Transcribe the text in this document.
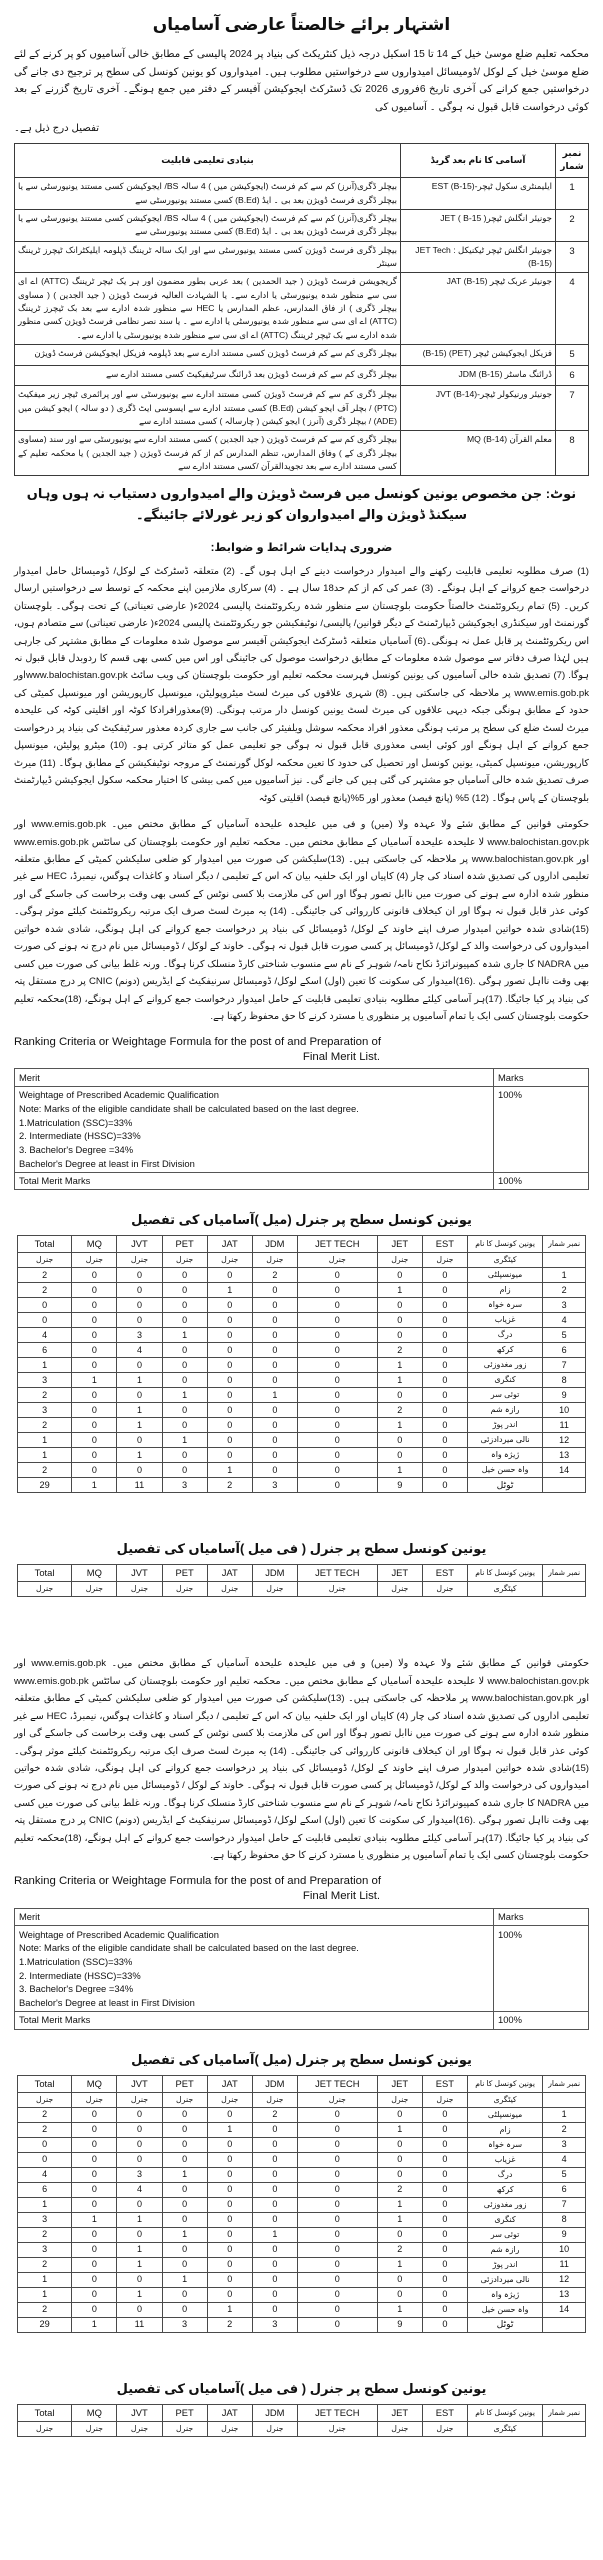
اشتہار برائے خالصتاً عارضی آسامیاں

محکمہ تعلیم ضلع موسیٰ خیل کے 14 تا 15 اسکیل درجہ ذیل کنٹریکٹ کی بنیاد پر 2024 پالیسی کے مطابق خالی آسامیوں کو پر کرنے کے لئے ضلع موسیٰ خیل کے لوکل /ڈومیسائل امیدواروں سے درخواستیں مطلوب ہیں۔ امیدواروں کو یونین کونسل کی سطح پر ترجیح دی جانے گی درخواستیں جمع کرانے کی آخری تاریخ 6فروری 2026 تک ڈسٹرکٹ ایجوکیشن آفیسر کے دفتر میں جمع ہونگے۔ آخری تاریخ گزرنے کے بعد کوئی درخواست قابل قبول نہ ہوگی ۔ آسامیوں کی

تفصیل درج ذیل ہے۔

نمبر شمار	آسامی کا نام بعد گریڈ	بنیادی تعلیمی قابلیت
1	ایلیمنٹری سکول ٹیچر-EST (B-15)	بیچلر ڈگری(آنرز) کم سے کم فرسٹ (ایجوکیشن میں ) 4 سالہ BS/ ایجوکیشن کسی مستند یونیورسٹی سے یا بیچلر ڈگری فرسٹ ڈویژن بعد بی ۔ ایڈ (B.Ed) کسی مستند یونیورسٹی سے
2	جونیئر انگلش ٹیچر( B-15 ) JET	بیچلر ڈگری(آنرز) کم سے کم فرسٹ (ایجوکیشن میں ) 4 سالہ BS/ ایجوکیشن کسی مستند یونیورسٹی سے یا بیچلر ڈگری فرسٹ ڈویژن بعد بی ۔ ایڈ (B.Ed) کسی مستند یونیورسٹی سے
3	جونیئر انگلش ٹیچر ٹیکنیکل JET Tech : (B-15)	بیچلر ڈگری فرسٹ ڈویژن کسی مستند یونیورسٹی سے اور ایک سالہ ٹریننگ ڈپلومہ ایلیکٹرانک ٹیچرز ٹریننگ سینٹر
4	جونیئر عربک ٹیچر (B-15) JAT	گریجویشن فرسٹ ڈویژن ( جید الحمدین ) بعد عربی بطور مضمون اور ہر یک ٹیچر ٹریننگ (ATTC) اے ای سی سے منظور شدہ یونیورسٹی یا ادارے سے۔ یا الشہادت العالیہ فرسٹ ڈویژن ( جید الجدین ) ( مساوی بیچلر ڈگری ) از فاق المدارس، عظم المدارس یا HEC سے منظور شدہ ادارے سے بعد بک ٹیچرز ٹریننگ (ATTC) اے ای سی سے منظور شدہ یونیورسٹی یا ادارے سے ۔ یا سند نصر نظامی فرسٹ ڈویژن کسی منظور شدہ ادارے سے بک ٹیچر ٹریننگ (ATTC) اے ای سی سے منظور شدہ یونیورسٹی یا ادارے سے۔
5	فزیکل ایجوکیشن ٹیچر (PET) (B-15)	بیچلر ڈگری کم سے کم فرسٹ ڈویژن کسی مستند ادارے سے بعد ڈپلومہ فزیکل ایجوکیشن فرسٹ ڈویژن
6	ڈرائنگ ماسٹر (B-15) JDM	بیچلر ڈگری کم سے کم فرسٹ ڈویژن بعد ڈرائنگ سرٹیفیکیٹ کسی مستند ادارے سے
7	جونیئر ورنیکولر ٹیچر-JVT (B-14)	بیچلر ڈگری کم سے کم فرسٹ ڈویژن کسی مستند ادارے سے یونیورسٹی سے اور پرائمری ٹیچر زیر میفکیٹ (PTC) / بچلر آف ایجو کیشن (B.Ed) کسی مستند ادارے سے ایسوسی ایٹ ڈگری ( دو سالہ ) ایجو کیشن میں (ADE) / بیچلر ڈگری (آنرز ) ایجو کیشن ( چارسالہ ) کسی مستند ادارے سے
8	معلم القرآن (B-14) MQ	بیچلر ڈگری کم سے کم فرسٹ ڈویژن ( جید الجدین ) کسی مستند ادارے سے یونیورسٹی سے اور سند (مساوی بیچلر ڈگری کے ) وفاق المدارس، تنظم المدارس کم از کم فرسٹ ڈویژن ( جید الجدین ) یا محکمہ تعلیم کے کسی مستند ادارے سے بعد تجویدالقرآن /کسی مستند ادارے سے
نوٹ: جن مخصوص یونین کونسل میں فرسٹ ڈویژن والے امیدواروں دستیاب نہ ہوں وہاں سیکنڈ ڈویژن والے امیدواروان کو زیر غورلائے جائینگے۔
ضروری ہدایات شرائط و ضوابط:

(1) صرف مطلوبہ تعلیمی قابلیت رکھنے والے امیدوار درخواست دینے کے اہل ہوں گے۔ (2) متعلقہ ڈسٹرکٹ کے لوکل/ ڈومیسائل حامل امیدوار درخواست جمع کروانے کے اہل ہونگے۔ (3) عمر کی کم از کم حد18 سال ہے ۔ (4) سرکاری ملازمین اپنے محکمہ کے توسط سے درخواستیں ارسال کریں۔ (5) تمام ریکروئٹمنٹ خالصتاً حکومت بلوچستان سے منظور شدہ ریکروئٹمنٹ پالیسی 2024ء( عارضی تعیناتی) کے تحت ہوگی۔ بلوچستان گورنمنٹ اور سیکنڈری ایجوکیشن ڈیپارٹمنٹ کے دیگر قوانین/ پالیسی/ نوٹیفکیشن جو ریکروئٹمنٹ پالیسی 2024ء( عارضی تعیناتی) سے متصادم ہوں، اس ریکروئٹمنٹ پر قابل عمل نہ ہونگی۔(6) آسامیاں متعلقہ ڈسٹرکٹ ایجوکیشن آفیسر سے موصول شدہ معلومات کے مطابق مشتہر کی جارہی ہیں لہٰذا صرف دفاتر سے موصول شدہ معلومات کے مطابق درخواست موصول کی جائینگی اور اس میں کسی بھی قسم کا ردوبدل قابل قبول نہ ہوگا. (7) تصدیق شدہ خالی آسامیوں کی یونین کونسل فہرست محکمہ تعلیم اور حکومت بلوچستان کی ویب سائٹ www.balochistan.gov.pkاور www.emis.gob.pk پر ملاحظہ کی جاسکتی ہیں۔ (8) شہری علاقوں کی میرٹ لسٹ میٹروپولیٹن، میونسپل کارپوریشن اور میونسپل کمیٹی کی حدود کے مطابق ہونگی جبکہ دیہی علاقوں کی میرٹ لسٹ یونین کونسل دار مرتب ہونگی. (9)معذورافرادکا کوٹہ اور اقلیتی کوٹہ کی علیحدہ میرٹ لسٹ ضلع کی سطح پر مرتب ہونگی معذور افراد محکمہ سوشل ویلفیئر کی جانب سے جاری کردہ معذور سرٹیفکیٹ کی بنیاد پر درخواست جمع کروانے کے اہل ہونگے اور کوئی ایسی معذوری قابل قبول نہ ہوگی جو تعلیمی عمل کو متاثر کرتی ہو۔ (10) میٹرو پولیٹن، میونسپل کارپوریشن، میونسپل کمیٹی، یونین کونسل اور تحصیل کی حدود کا تعین محکمہ لوکل گورنمنٹ کے مروجہ نوٹیفکیشن کے مطابق ہوگا۔ (11) میرٹ صرف تصدیق شدہ خالی آسامیاں جو مشتہر کی گئی ہیں کی جانے گی۔ نیز آسامیوں میں کمی بیشی کا اختیار محکمہ سکول ایجوکیشن ڈیپارٹمنٹ بلوچستان کے پاس ہوگا۔ (12) 5% (پانچ فیصد) معذور اور 5%(پانچ فیصد) اقلیتی کوٹہ

حکومتی قوانین کے مطابق شئے ولا عہدہ ولا (میں) و فی میں علیحدہ علیحدہ آسامیاں کے مطابق مختص میں۔ www.emis.gob.pk اور www.balochistan.gov.pk لا علیحدہ علیحدہ آسامیاں کے مطابق مختص میں۔ محکمہ تعلیم اور حکومت بلوچستان کی سائٹس www.emis.gob.pk اور www.balochistan.gov.pk پر ملاحظہ کی جاسکتی ہیں۔ (13)سلیکشن کی صورت میں امیدوار کو ضلعی سلیکشن کمیٹی کے مطابق متعلقہ تعلیمی اداروں کی تصدیق شدہ اسناد کی چار (4) کاپیاں اور ایک حلفیہ بیان کہ اس کے تعلیمی / دیگر اسناد و کاغذات ہوگس، نیمبرڈ، HEC سے غیر منظور شدہ ادارہ سے ہونے کی صورت میں ناابل تصور ہوگا اور اس کی ملازمت بلا کسی نوٹس کے کسی بھی وقت برخاست کی جاسکے گی اور کوئی عذر قابل قبول نہ ہوگا اور ان کیخلاف قانونی کارروائی کی جائینگی۔ (14) یہ میرٹ لسٹ صرف ایک مرتبہ ریکروئٹمنٹ کیلئے موثر ہوگی۔ (15)شادی شدہ خواتین امیدوار صرف اپنے خاوند کے لوکل/ ڈومیسائل کی بنیاد پر درخواست جمع کروانے کی اہل ہونگی، شادی شدہ خواتین امیدواروں کی درخواست والد کے لوکل/ ڈومیسائل پر کسی صورت قابل قبول نہ ہوگی۔ خاوند کے لوکل / ڈومیسائل میں نام درج نہ ہونے کی صورت میں NADRA کا جاری شدہ کمپیونرائزڈ نکاح نامہ/ شوہر کے نام سے منسوب شناختی کارڈ منسلک کرنا ہوگا۔ ورنہ غلط بیانی کی صورت میں کسی بھی وقت نااہل تصور ہوگی .(16)امیدوار کی سکونت کا تعین (اول) اسکے لوکل/ ڈومیسائل سرنیفکیٹ کے ایڈریس (دونم) CNIC پر درج مستقل پتہ کی بنیاد پر کیا جائیگا. (17)ہر آسامی کیلئے مطلوبہ بنیادی تعلیمی قابلیت کے حامل امیدوار درخواست جمع کروانے کے اہل ہونگے، (18)محکمہ تعلیم حکومت بلوچستان کسی ایک یا تمام آسامیوں پر منظوری یا مسترد کرنے کا حق محفوظ رکھتا ہے.

Ranking Criteria or Weightage Formula for the post of and Preparation of
Final Merit List.
Merit	Marks

Weightage of Prescribed Academic Qualification
Note: Marks of the eligible candidate shall be calculated based on the last degree.
1.Matriculation (SSC)=33%
2. Intermediate (HSSC)=33%
3. Bachelor's Degree =34%
Bachelor's Degree at least in First Division
	100%
Total Merit Marks	100%
یونین کونسل سطح پر جنرل (میل )آسامیاں کی تفصیل
Total	MQ	JVT	PET	JAT	JDM	JET TECH	JET	EST	یونین کونسل کا نام	نمبر شمار
جنرل	جنرل	جنرل	جنرل	جنرل	جنرل	جنرل	جنرل	جنرل	کیٹگری	
2	0	0	0	0	2	0	0	0	میونسپلٹی	1
2	0	0	0	1	0	0	1	0	زام	2
0	0	0	0	0	0	0	0	0	سرہ خواہ	3
0	0	0	0	0	0	0	0	0	غزیاب	4
4	0	3	1	0	0	0	0	0	درگ	5
6	0	4	0	0	0	0	2	0	کرکھ	6
1	0	0	0	0	0	0	1	0	زور مغدوزئی	7
3	1	1	0	0	0	0	1	0	کنگری	8
2	0	0	1	0	1	0	0	0	توئی سر	9
3	0	1	0	0	0	0	2	0	رازہ شم	10
2	0	1	0	0	0	0	1	0	اندر پوڑ	11
1	0	0	1	0	0	0	0	0	نالی میردادزئی	12
1	0	1	0	0	0	0	0	0	ژیژہ واہ	13
2	0	0	0	1	0	0	1	0	واہ حسن خیل	14
29	1	11	3	2	3	0	9	0	ٹوٹل	
یونین کونسل سطح پر جنرل ( فی میل )آسامیاں کی تفصیل
Total	MQ	JVT	PET	JAT	JDM	JET TECH	JET	EST	یونین کونسل کا نام	نمبر شمار
جنرل	جنرل	جنرل	جنرل	جنرل	جنرل	جنرل	جنرل	جنرل	کیٹگری	

حکومتی قوانین کے مطابق شئے ولا عہدہ ولا (میں) و فی میں علیحدہ علیحدہ آسامیاں کے مطابق مختص میں۔ www.emis.gob.pk اور www.balochistan.gov.pk لا علیحدہ علیحدہ آسامیاں کے مطابق مختص میں۔ محکمہ تعلیم اور حکومت بلوچستان کی سائٹس www.emis.gob.pk اور www.balochistan.gov.pk پر ملاحظہ کی جاسکتی ہیں۔ (13)سلیکشن کی صورت میں امیدوار کو ضلعی سلیکشن کمیٹی کے مطابق متعلقہ تعلیمی اداروں کی تصدیق شدہ اسناد کی چار (4) کاپیاں اور ایک حلفیہ بیان کہ اس کے تعلیمی / دیگر اسناد و کاغذات ہوگس، نیمبرڈ، HEC سے غیر منظور شدہ ادارہ سے ہونے کی صورت میں ناابل تصور ہوگا اور اس کی ملازمت بلا کسی نوٹس کے کسی بھی وقت برخاست کی جاسکے گی اور کوئی عذر قابل قبول نہ ہوگا اور ان کیخلاف قانونی کارروائی کی جائینگی۔ (14) یہ میرٹ لسٹ صرف ایک مرتبہ ریکروئٹمنٹ کیلئے موثر ہوگی۔ (15)شادی شدہ خواتین امیدوار صرف اپنے خاوند کے لوکل/ ڈومیسائل کی بنیاد پر درخواست جمع کروانے کی اہل ہونگی، شادی شدہ خواتین امیدواروں کی درخواست والد کے لوکل/ ڈومیسائل پر کسی صورت قابل قبول نہ ہوگی۔ خاوند کے لوکل / ڈومیسائل میں نام درج نہ ہونے کی صورت میں NADRA کا جاری شدہ کمپیونرائزڈ نکاح نامہ/ شوہر کے نام سے منسوب شناختی کارڈ منسلک کرنا ہوگا۔ ورنہ غلط بیانی کی صورت میں کسی بھی وقت نااہل تصور ہوگی .(16)امیدوار کی سکونت کا تعین (اول) اسکے لوکل/ ڈومیسائل سرنیفکیٹ کے ایڈریس (دونم) CNIC پر درج مستقل پتہ کی بنیاد پر کیا جائیگا. (17)ہر آسامی کیلئے مطلوبہ بنیادی تعلیمی قابلیت کے حامل امیدوار درخواست جمع کروانے کے اہل ہونگے، (18)محکمہ تعلیم حکومت بلوچستان کسی ایک یا تمام آسامیوں پر منظوری یا مسترد کرنے کا حق محفوظ رکھتا ہے.

Ranking Criteria or Weightage Formula for the post of and Preparation of
Final Merit List.
Merit	Marks

Weightage of Prescribed Academic Qualification
Note: Marks of the eligible candidate shall be calculated based on the last degree.
1.Matriculation (SSC)=33%
2. Intermediate (HSSC)=33%
3. Bachelor's Degree =34%
Bachelor's Degree at least in First Division
	100%
Total Merit Marks	100%
یونین کونسل سطح پر جنرل (میل )آسامیاں کی تفصیل
Total	MQ	JVT	PET	JAT	JDM	JET TECH	JET	EST	یونین کونسل کا نام	نمبر شمار
جنرل	جنرل	جنرل	جنرل	جنرل	جنرل	جنرل	جنرل	جنرل	کیٹگری	
2	0	0	0	0	2	0	0	0	میونسپلٹی	1
2	0	0	0	1	0	0	1	0	زام	2
0	0	0	0	0	0	0	0	0	سرہ خواہ	3
0	0	0	0	0	0	0	0	0	غزیاب	4
4	0	3	1	0	0	0	0	0	درگ	5
6	0	4	0	0	0	0	2	0	کرکھ	6
1	0	0	0	0	0	0	1	0	زور مغدوزئی	7
3	1	1	0	0	0	0	1	0	کنگری	8
2	0	0	1	0	1	0	0	0	توئی سر	9
3	0	1	0	0	0	0	2	0	رازہ شم	10
2	0	1	0	0	0	0	1	0	اندر پوڑ	11
1	0	0	1	0	0	0	0	0	نالی میردادزئی	12
1	0	1	0	0	0	0	0	0	ژیژہ واہ	13
2	0	0	0	1	0	0	1	0	واہ حسن خیل	14
29	1	11	3	2	3	0	9	0	ٹوٹل	
یونین کونسل سطح پر جنرل ( فی میل )آسامیاں کی تفصیل
Total	MQ	JVT	PET	JAT	JDM	JET TECH	JET	EST	یونین کونسل کا نام	نمبر شمار
جنرل	جنرل	جنرل	جنرل	جنرل	جنرل	جنرل	جنرل	جنرل	کیٹگری	
